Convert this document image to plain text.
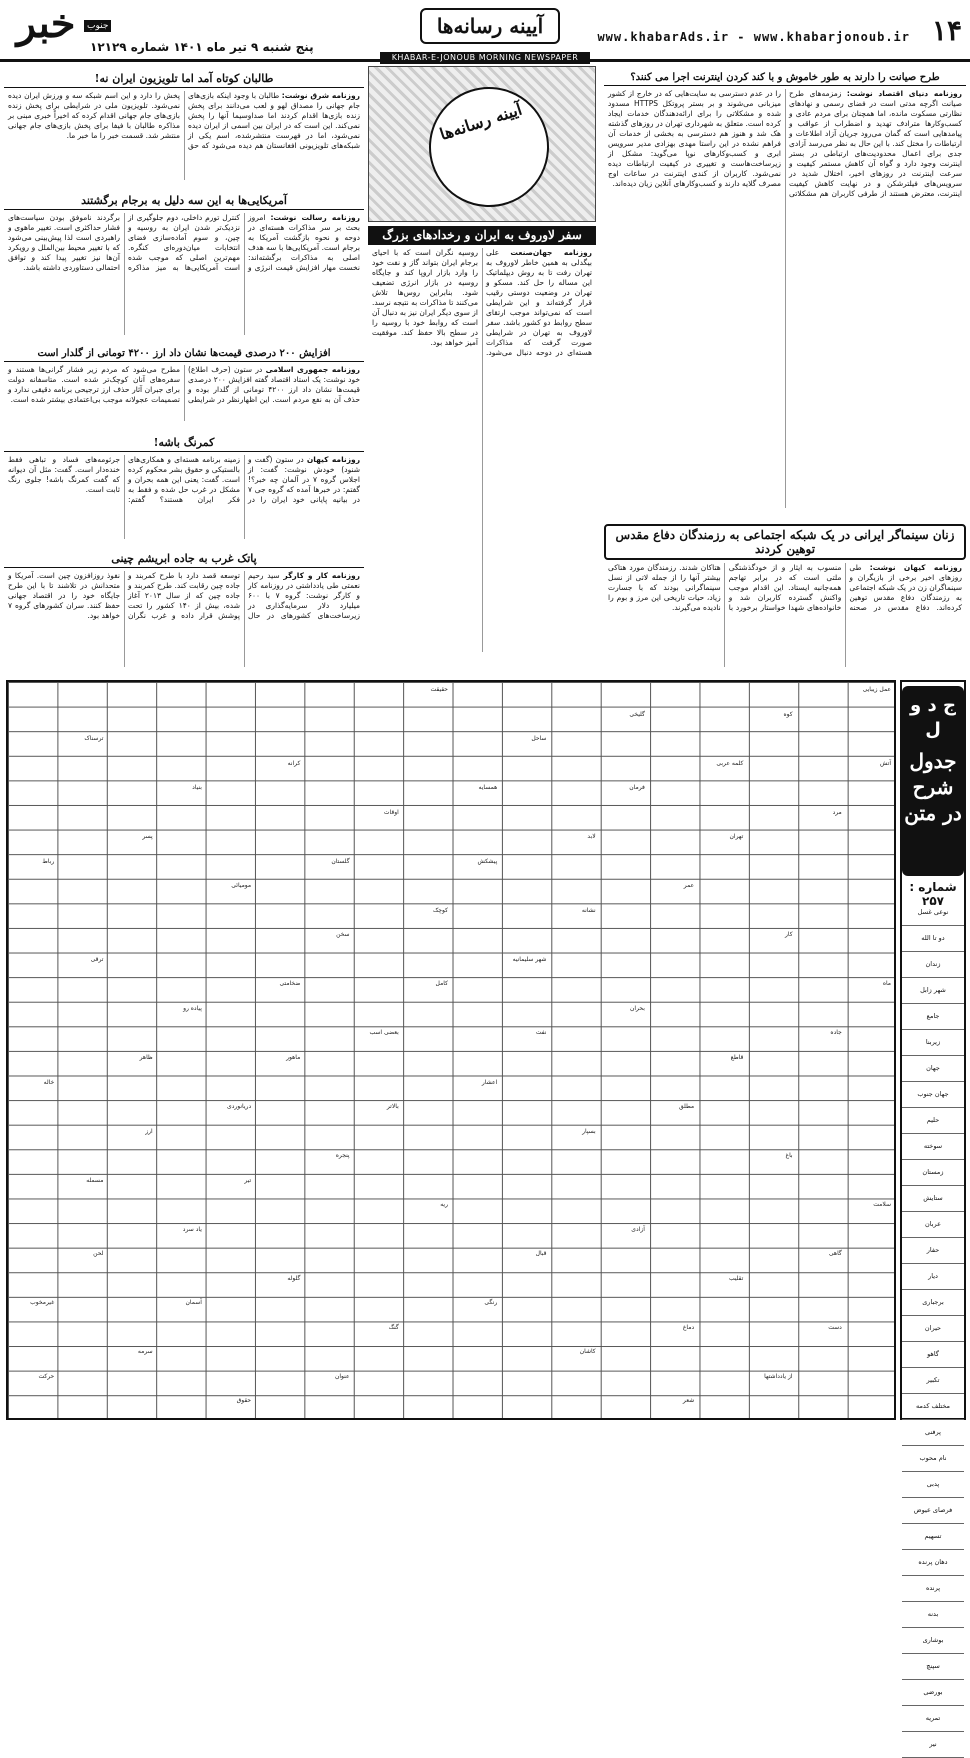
۱۴
www.khabarAds.ir - www.khabarjonoub.ir
آیینه رسانه‌ها
KHABAR-E-JONOUB MORNING NEWSPAPER
خبر	جنوب
پنج شنبه ۹ تیر ماه ۱۴۰۱ شماره ۱۲۱۲۹
طرح صیانت را دارند به طور خاموش و با کند کردن اینترنت اجرا می کنند؟
روزنامه دنیای اقتصاد نوشت: زمزمه‌های طرح صیانت اگرچه مدتی است در فضای رسمی و نهادهای نظارتی مسکوت مانده، اما همچنان برای مردم عادی و کسب‌وکارها مترادف تهدید و اضطراب از عواقب و پیامدهایی است که گمان می‌رود جریان آزاد اطلاعات و ارتباطات را مختل کند. با این حال به نظر می‌رسد آزادی جدی برای اعمال محدودیت‌های ارتباطی در بستر اینترنت وجود دارد و گواه آن کاهش مستمر کیفیت و سرعت اینترنت در روزهای اخیر، اختلال شدید در سرویس‌های فیلترشکن و در نهایت کاهش کیفیت اینترنت، معترض هستند از طرفی کاربران هم مشکلاتی را در عدم دسترسی به سایت‌هایی که در خارج از کشور میزبانی می‌شوند و بر بستر پروتکل HTTPS مسدود شده و مشکلاتی را برای ارائه‌دهندگان خدمات ایجاد کرده است. متعلق به شهرداری تهران در روزهای گذشته هک شد و هنوز هم دسترسی به بخشی از خدمات آن فراهم نشده در این راستا مهدی بهزادی مدیر سرویس ابری و کسب‌وکارهای نوپا می‌گوید: مشکل از زیرساخت‌هاست و تغییری در کیفیت ارتباطات دیده نمی‌شود. کاربران از کندی اینترنت در ساعات اوج مصرف گلایه دارند و کسب‌وکارهای آنلاین زیان دیده‌اند.
زنان سینماگر ایرانی در یک شبکه اجتماعی به رزمندگان دفاع مقدس توهین کردند
روزنامه کیهان نوشت: طی روزهای اخیر برخی از بازیگران و سینماگران زن در یک شبکه اجتماعی به رزمندگان دفاع مقدس توهین کرده‌اند. دفاع مقدس در صحنه منسوب به ایثار و از خودگذشتگی ملتی است که در برابر تهاجم همه‌جانبه ایستاد. این اقدام موجب واکنش گسترده کاربران شد و خانواده‌های شهدا خواستار برخورد با هتاکان شدند. رزمندگان مورد هتاکی بیشتر آنها را از جمله لاتی از نسل سینماگرانی بودند که با جسارت زیاد، حیات تاریخی این مرز و بوم را نادیده می‌گیرند.
آیینه رسانه‌ها
سفر لاوروف به ایران و رخدادهای بزرگ
روزنامه جهان‌صنعت علی بیگدلی به همین خاطر لاوروف به تهران رفت تا به روش دیپلماتیک این مساله را حل کند. مسکو و تهران در وضعیت دوستی رقیب قرار گرفته‌اند و این شرایطی است که نمی‌تواند موجب ارتقای سطح روابط دو کشور باشد. سفر لاوروف به تهران در شرایطی صورت گرفت که مذاکرات هسته‌ای در دوحه دنبال می‌شود. روسیه نگران است که با احیای برجام ایران بتواند گاز و نفت خود را وارد بازار اروپا کند و جایگاه روسیه در بازار انرژی تضعیف شود. بنابراین روس‌ها تلاش می‌کنند تا مذاکرات به نتیجه نرسد. از سوی دیگر ایران نیز به دنبال آن است که روابط خود با روسیه را در سطح بالا حفظ کند. موفقیت آمیز خواهد بود.
طالبان کوتاه آمد اما تلویزیون ایران نه!
روزنامه شرق نوشت: طالبان با وجود اینکه بازی‌های جام جهانی را مصداق لهو و لعب می‌دانند برای پخش زنده بازی‌ها اقدام کردند اما صداوسیما آنها را پخش نمی‌کند. این است که در ایران بین اسمی از ایران دیده نمی‌شود، اما در فهرست منتشرشده، اسم یکی از شبکه‌های تلویزیونی افغانستان هم دیده می‌شود که حق پخش را دارد و این اسم شبکه سه و ورزش ایران دیده نمی‌شود. تلویزیون ملی در شرایطی برای پخش زنده بازی‌های جام جهانی اقدام کرده که اخیراً خبری مبنی بر مذاکره طالبان با فیفا برای پخش بازی‌های جام جهانی منتشر شد. قسمت خبر را ما خبر ما.
آمریکایی‌ها به این سه دلیل به برجام برگشتند
روزنامه رسالت نوشت: امروز بحث بر سر مذاکرات هسته‌ای در دوحه و نحوه بازگشت آمریکا به برجام است. آمریکایی‌ها با سه هدف اصلی به مذاکرات برگشته‌اند: نخست مهار افزایش قیمت انرژی و کنترل تورم داخلی، دوم جلوگیری از نزدیک‌تر شدن ایران به روسیه و چین، و سوم آماده‌سازی فضای انتخابات میان‌دوره‌ای کنگره. مهم‌ترین اصلی که موجب شده است آمریکایی‌ها به میز مذاکره برگردند ناموفق بودن سیاست‌های فشار حداکثری است. تغییر ماهوی و راهبردی است لذا پیش‌بینی می‌شود که با تغییر محیط بین‌الملل و رویکرد آن‌ها نیز تغییر پیدا کند و توافق احتمالی دستاوردی داشته باشد.
افزایش ۲۰۰ درصدی قیمت‌ها نشان داد ارز ۴۲۰۰ تومانی از گلدار است
روزنامه جمهوری اسلامی در ستون (حرف اطلاع) خود نوشت: یک استاد اقتصاد گفته افزایش ۲۰۰ درصدی قیمت‌ها نشان داد ارز ۴۲۰۰ تومانی از گلدار بوده و حذف آن به نفع مردم است. این اظهارنظر در شرایطی مطرح می‌شود که مردم زیر فشار گرانی‌ها هستند و سفره‌های آنان کوچک‌تر شده است. متاسفانه دولت برای جبران آثار حذف ارز ترجیحی برنامه دقیقی ندارد و تصمیمات عجولانه موجب بی‌اعتمادی بیشتر شده است.
کمرنگ باشه!
روزنامه کیهان در ستون (گفت و شنود) خودش نوشت: گفت: از اجلاس گروه ۷ در آلمان چه خبر؟! گفتم: در خبرها آمده که گروه جی ۷ در بیانیه پایانی خود ایران را در زمینه برنامه هسته‌ای و همکاری‌های بالستیکی و حقوق بشر محکوم کرده است. گفت: یعنی این همه بحران و مشکل در غرب حل شده و فقط به فکر ایران هستند؟ گفتم: جرثومه‌های فساد و تباهی فقط خنده‌دار است. گفت: مثل آن دیوانه که گفت کمرنگ باشه! جلوی رنگ ثابت است.
پاتک غرب به جاده ابریشم چینی
روزنامه کار و کارگر سید رحیم نعمتی طی یادداشتی در روزنامه کار و کارگر نوشت: گروه ۷ با ۶۰۰ میلیارد دلار سرمایه‌گذاری در زیرساخت‌های کشورهای در حال توسعه قصد دارد با طرح کمربند و جاده چین رقابت کند. طرح کمربند و جاده چین که از سال ۲۰۱۳ آغاز شده، بیش از ۱۴۰ کشور را تحت پوشش قرار داده و غرب نگران نفوذ روزافزون چین است. آمریکا و متحدانش در تلاشند تا با این طرح جایگاه خود را در اقتصاد جهانی حفظ کنند. سران کشورهای گروه ۷ خواهد بود.
عمل زیبایی
شهر سلیمانیه
یاد سرد
کلمه عربی
بعضی اسب
غیرمخوب
لابد
دریانوردی
از یادداشتها
کوچک
مسمله
گلیخی
ضخامتی
گاهی
همسایه
ظاهر
دماغ
گلستان
سلامت
ساحل
پیاده رو
تقلیب
اوقات
خاله
کاشان
مومیائی
باغ
حقیقت
ترقی
آزادی
کرانه
جاده
رنگی
پسر
مطلق
عنوان
ماه
قبال
بنیاد
قاطع
گنگ
رباط
بسپار
حقوق
کار
ریه
ترسناک
بحران
گلوله
مرد
اعشار
سرمه
عمر
پنجره
آتش
نفت
آسمان
تهران
بالاتر
حرکت
نشانه
تیر
کوه
کامل
لحن
فرمان
ماهور
دست
پیشکش
ارز
شعر
سخن
ج د و ل
جدول شرح در متن
شماره : ۲۵۷
نوعی غسل
دو تا الله
زندان
شهر زابل
جامع
زیربنا
جهان
جهان جنوب
حلیم
سوخته
زمستان
ستایش
عربان
حفار
دیار
برجباری
حیران
گاهو
تکبیر
مختلف کدمه
پرفنی
نام محوب
پدبی
فرصای عیوض
تسهیم
دهان پرنده
پرنده
بدنه
بوشاری
سپنچ
بورضی
تمریه
نیر
